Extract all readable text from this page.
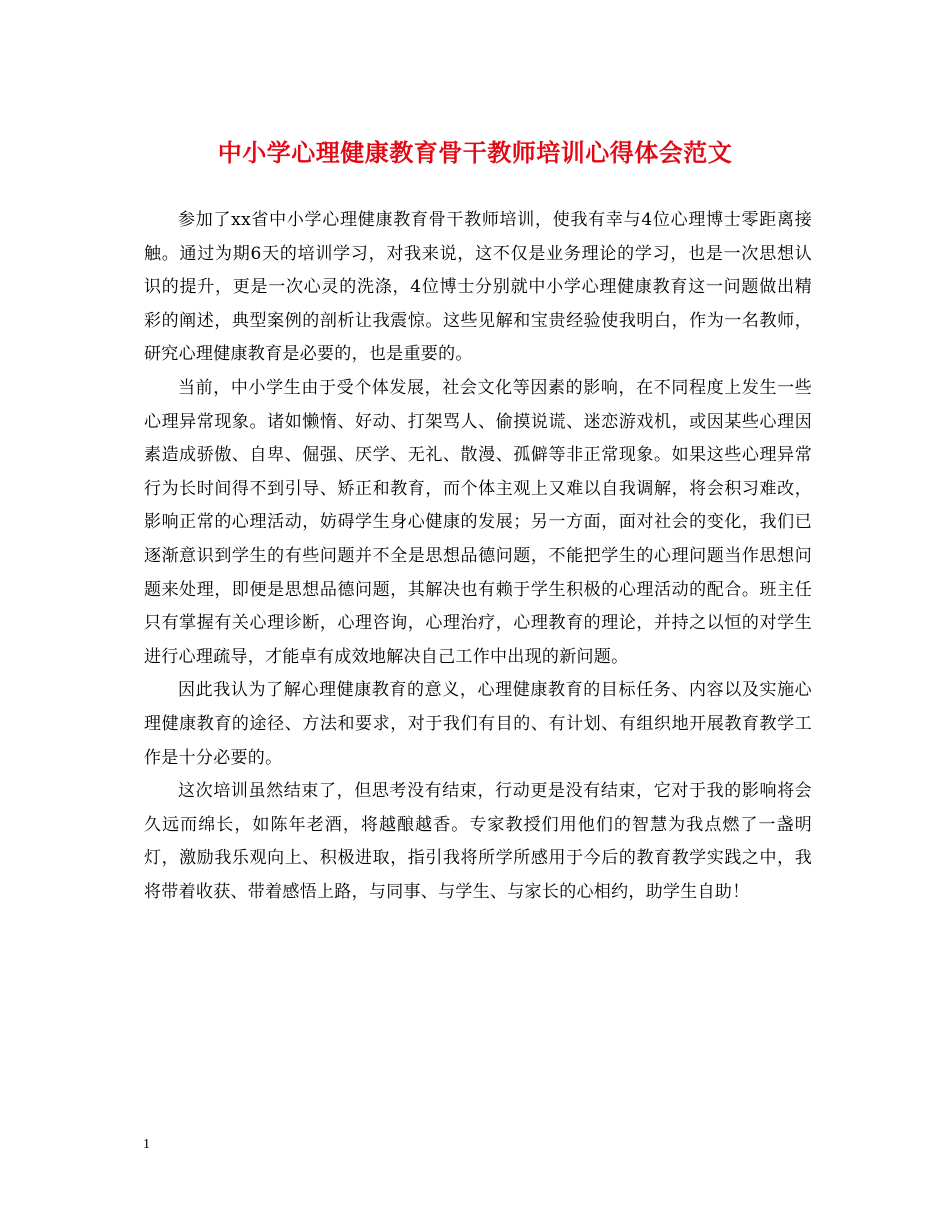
中小学心理健康教育骨干教师培训心得体会范文

参加了xx省中小学心理健康教育骨干教师培训，使我有幸与4位心理博士零距离接触。通过为期6天的培训学习，对我来说，这不仅是业务理论的学习，也是一次思想认识的提升，更是一次心灵的洗涤，4位博士分别就中小学心理健康教育这一问题做出精彩的阐述，典型案例的剖析让我震惊。这些见解和宝贵经验使我明白，作为一名教师，研究心理健康教育是必要的，也是重要的。

当前，中小学生由于受个体发展，社会文化等因素的影响，在不同程度上发生一些心理异常现象。诸如懒惰、好动、打架骂人、偷摸说谎、迷恋游戏机，或因某些心理因素造成骄傲、自卑、倔强、厌学、无礼、散漫、孤僻等非正常现象。如果这些心理异常行为长时间得不到引导、矫正和教育，而个体主观上又难以自我调解，将会积习难改，影响正常的心理活动，妨碍学生身心健康的发展；另一方面，面对社会的变化，我们已逐渐意识到学生的有些问题并不全是思想品德问题，不能把学生的心理问题当作思想问题来处理，即便是思想品德问题，其解决也有赖于学生积极的心理活动的配合。班主任只有掌握有关心理诊断，心理咨询，心理治疗，心理教育的理论，并持之以恒的对学生进行心理疏导，才能卓有成效地解决自己工作中出现的新问题。

因此我认为了解心理健康教育的意义，心理健康教育的目标任务、内容以及实施心理健康教育的途径、方法和要求，对于我们有目的、有计划、有组织地开展教育教学工作是十分必要的。

这次培训虽然结束了，但思考没有结束，行动更是没有结束，它对于我的影响将会久远而绵长，如陈年老酒，将越酿越香。专家教授们用他们的智慧为我点燃了一盏明灯，激励我乐观向上、积极进取，指引我将所学所感用于今后的教育教学实践之中，我将带着收获、带着感悟上路，与同事、与学生、与家长的心相约，助学生自助！

1
